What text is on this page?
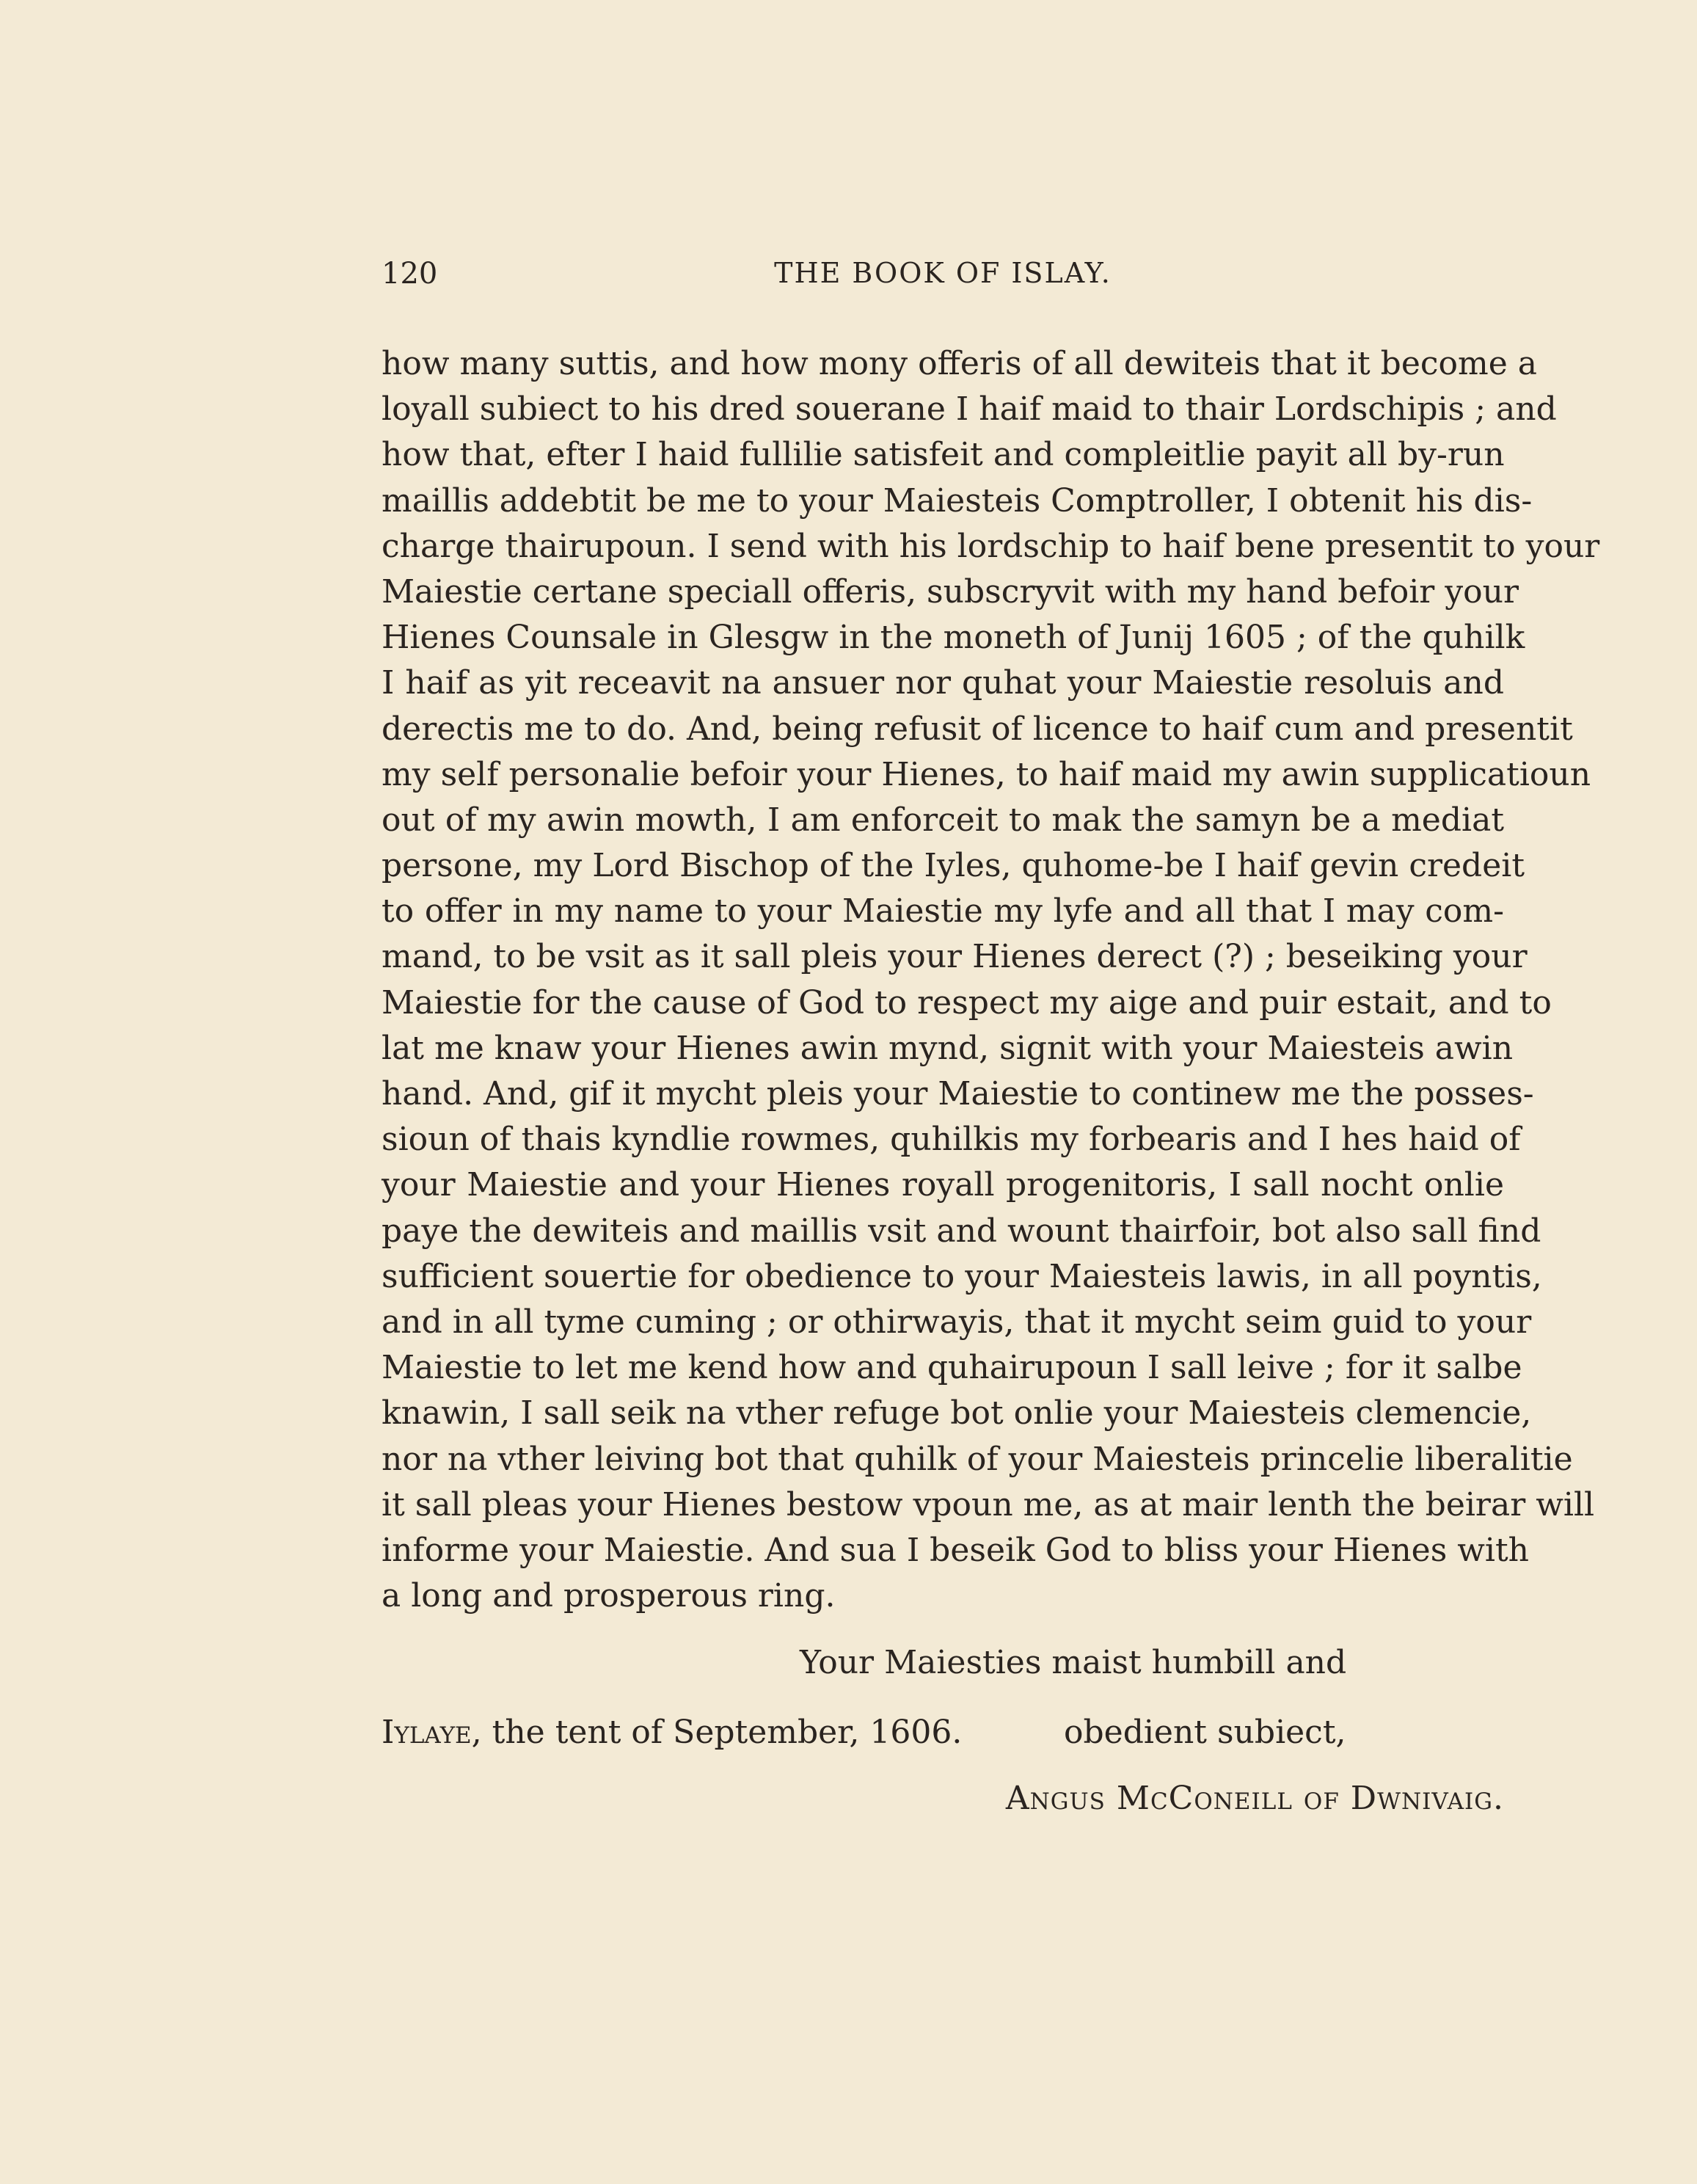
120	THE BOOK OF ISLAY.
how many suttis, and how mony offeris of all dewiteis that it become a
loyall subiect to his dred souerane I haif maid to thair Lordschipis ; and
how that, efter I haid fullilie satisfeit and compleitlie payit all by-run
maillis addebtit be me to your Maiesteis Comptroller, I obtenit his dis-
charge thairupoun. I send with his lordschip to haif bene presentit to your
Maiestie certane speciall offeris, subscryvit with my hand befoir your
Hienes Counsale in Glesgw in the moneth of Junij 1605 ; of the quhilk
I haif as yit receavit na ansuer nor quhat your Maiestie resoluis and
derectis me to do. And, being refusit of licence to haif cum and presentit
my self personalie befoir your Hienes, to haif maid my awin supplicatioun
out of my awin mowth, I am enforceit to mak the samyn be a mediat
persone, my Lord Bischop of the Iyles, quhome-be I haif gevin credeit
to offer in my name to your Maiestie my lyfe and all that I may com-
mand, to be vsit as it sall pleis your Hienes derect (?) ; beseiking your
Maiestie for the cause of God to respect my aige and puir estait, and to
lat me knaw your Hienes awin mynd, signit with your Maiesteis awin
hand. And, gif it mycht pleis your Maiestie to continew me the posses-
sioun of thais kyndlie rowmes, quhilkis my forbearis and I hes haid of
your Maiestie and your Hienes royall progenitoris, I sall nocht onlie
paye the dewiteis and maillis vsit and wount thairfoir, bot also sall find
sufficient souertie for obedience to your Maiesteis lawis, in all poyntis,
and in all tyme cuming ; or othirwayis, that it mycht seim guid to your
Maiestie to let me kend how and quhairupoun I sall leive ; for it salbe
knawin, I sall seik na vther refuge bot onlie your Maiesteis clemencie,
nor na vther leiving bot that quhilk of your Maiesteis princelie liberalitie
it sall pleas your Hienes bestow vpoun me, as at mair lenth the beirar will
informe your Maiestie. And sua I beseik God to bliss your Hienes with
a long and prosperous ring.
Your Maiesties maist humbill and
Iylaye, the tent of September, 1606.	obedient subiect,
Angus McConeill of Dwnivaig.
